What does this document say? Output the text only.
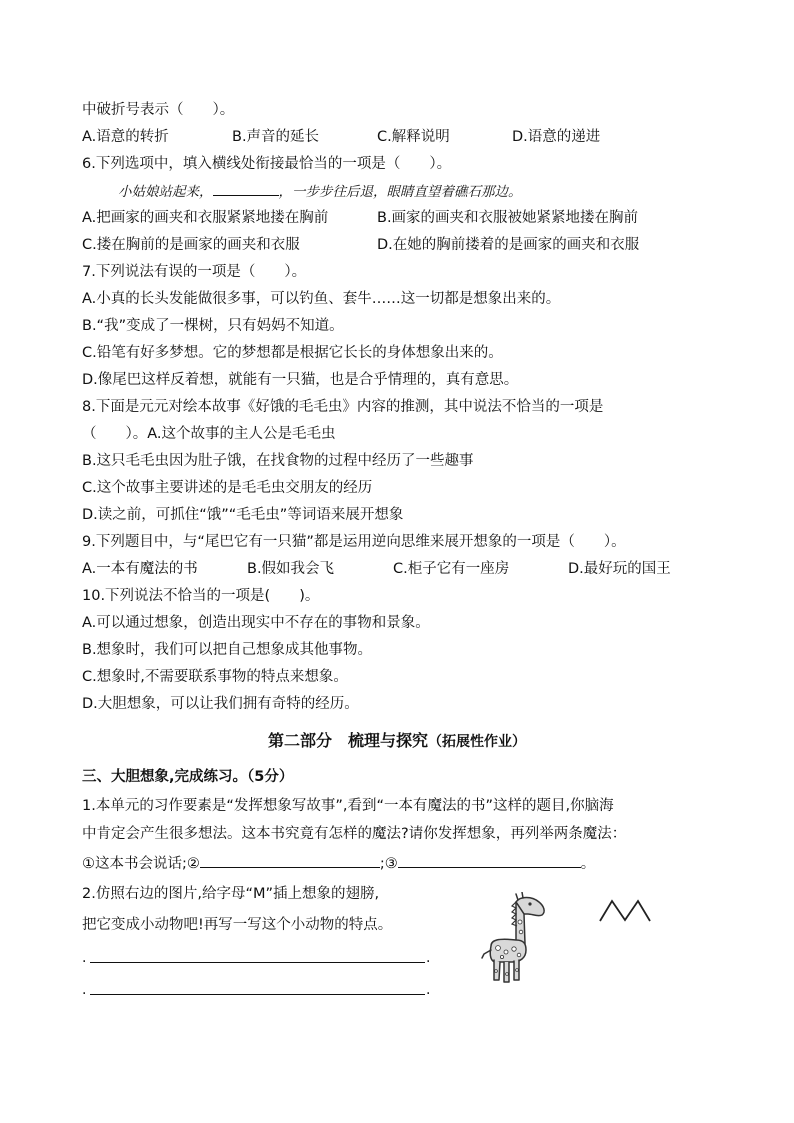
中破折号表示（　　）。
A.语意的转折	B.声音的延长	C.解释说明	D.语意的递进
6.下列选项中，填入横线处衔接最恰当的一项是（　　）。
小姑娘站起来，	，一步步往后退，眼睛直望着礁石那边。
A.把画家的画夹和衣服紧紧地搂在胸前	B.画家的画夹和衣服被她紧紧地搂在胸前
C.搂在胸前的是画家的画夹和衣服	D.在她的胸前搂着的是画家的画夹和衣服
7.下列说法有误的一项是（　　）。
A.小真的长头发能做很多事，可以钓鱼、套牛……这一切都是想象出来的。
B.“我”变成了一棵树，只有妈妈不知道。
C.铅笔有好多梦想。它的梦想都是根据它长长的身体想象出来的。
D.像尾巴这样反着想，就能有一只猫，也是合乎情理的，真有意思。
8.下面是元元对绘本故事《好饿的毛毛虫》内容的推测，其中说法不恰当的一项是
（　　）。A.这个故事的主人公是毛毛虫
B.这只毛毛虫因为肚子饿，在找食物的过程中经历了一些趣事
C.这个故事主要讲述的是毛毛虫交朋友的经历
D.读之前，可抓住“饿”“毛毛虫”等词语来展开想象
9.下列题目中，与“尾巴它有一只猫”都是运用逆向思维来展开想象的一项是（　　）。
A.一本有魔法的书	B.假如我会飞	C.柜子它有一座房	D.最好玩的国王
10.下列说法不恰当的一项是(　　)。
A.可以通过想象，创造出现实中不存在的事物和景象。
B.想象时，我们可以把自己想象成其他事物。
C.想象时,不需要联系事物的特点来想象。
D.大胆想象，可以让我们拥有奇特的经历。
第二部分　梳理与探究（拓展性作业）
三、大胆想象,完成练习。（5分）
1.本单元的习作要素是“发挥想象写故事”,看到“一本有魔法的书”这样的题目,你脑海
中肯定会产生很多想法。这本书究竟有怎样的魔法?请你发挥想象，再列举两条魔法：
①这本书会说话;②	;③	。
2.仿照右边的图片,给字母“M”插上想象的翅膀,
把它变成小动物吧!再写一写这个小动物的特点。
.	.
.	.
